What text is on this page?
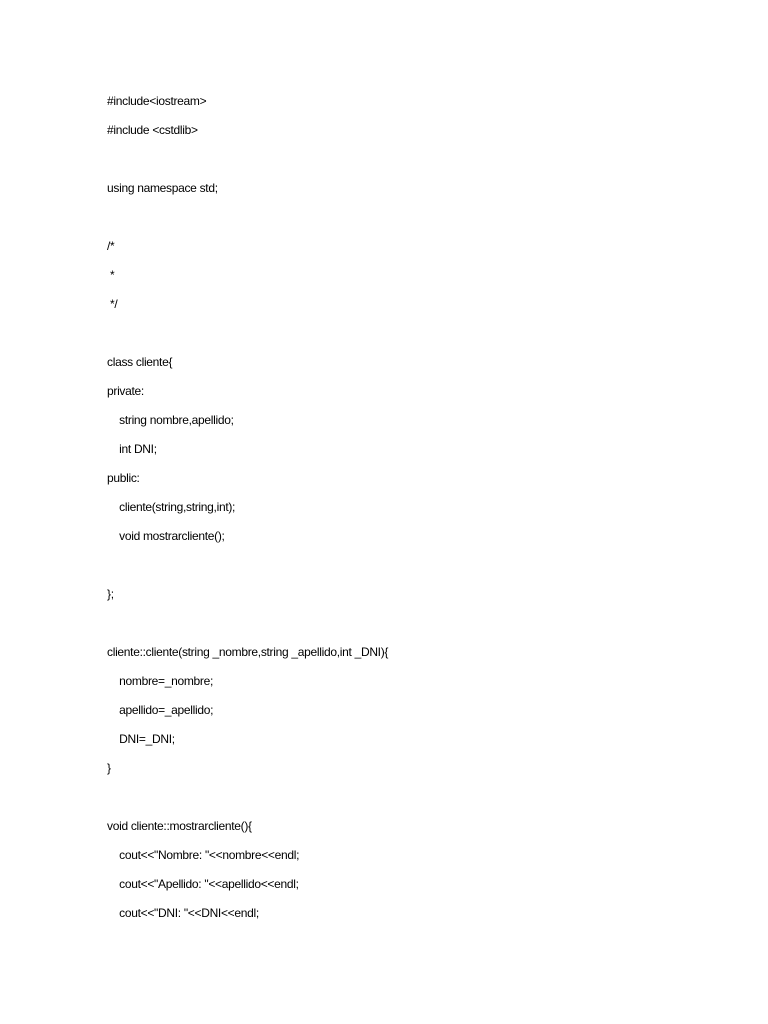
#include<iostream>
#include <cstdlib>
using namespace std;
/*
*
*/
class cliente{
private:
string nombre,apellido;
int DNI;
public:
cliente(string,string,int);
void mostrarcliente();
};
cliente::cliente(string _nombre,string _apellido,int _DNI){
nombre=_nombre;
apellido=_apellido;
DNI=_DNI;
}
void cliente::mostrarcliente(){
cout<<"Nombre: "<<nombre<<endl;
cout<<"Apellido: "<<apellido<<endl;
cout<<"DNI: "<<DNI<<endl;
